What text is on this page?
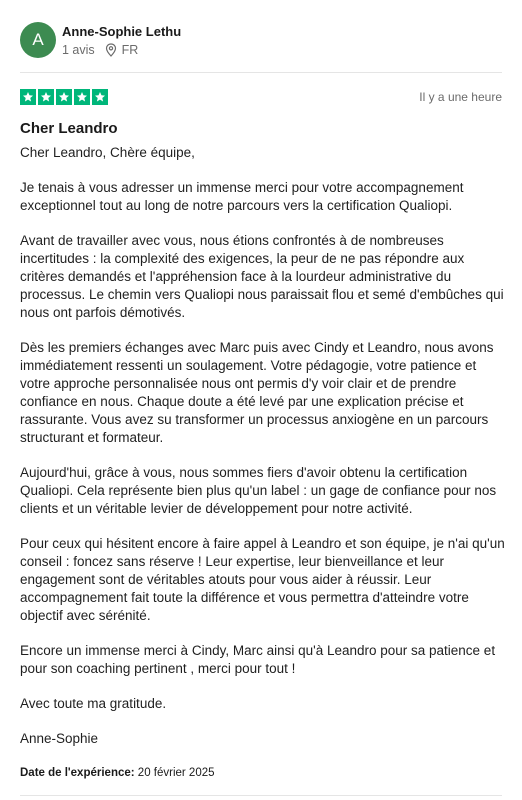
A	Anne-Sophie Lethu
1 avis FR
Il y a une heure
Cher Leandro

Cher Leandro, Chère équipe,

Je tenais à vous adresser un immense merci pour votre accompagnement exceptionnel tout au long de notre parcours vers la certification Qualiopi.

Avant de travailler avec vous, nous étions confrontés à de nombreuses incertitudes : la complexité des exigences, la peur de ne pas répondre aux critères demandés et l'appréhension face à la lourdeur administrative du processus. Le chemin vers Qualiopi nous paraissait flou et semé d'embûches qui nous ont parfois démotivés.

Dès les premiers échanges avec Marc puis avec Cindy et Leandro, nous avons immédiatement ressenti un soulagement. Votre pédagogie, votre patience et votre approche personnalisée nous ont permis d'y voir clair et de prendre confiance en nous. Chaque doute a été levé par une explication précise et rassurante. Vous avez su transformer un processus anxiogène en un parcours structurant et formateur.

Aujourd'hui, grâce à vous, nous sommes fiers d'avoir obtenu la certification Qualiopi. Cela représente bien plus qu'un label : un gage de confiance pour nos clients et un véritable levier de développement pour notre activité.

Pour ceux qui hésitent encore à faire appel à Leandro et son équipe, je n'ai qu'un conseil : foncez sans réserve ! Leur expertise, leur bienveillance et leur engagement sont de véritables atouts pour vous aider à réussir. Leur accompagnement fait toute la différence et vous permettra d'atteindre votre objectif avec sérénité.

Encore un immense merci à Cindy, Marc ainsi qu'à Leandro pour sa patience et pour son coaching pertinent , merci pour tout !

Avec toute ma gratitude.

Anne-Sophie

Date de l'expérience: 20 février 2025
